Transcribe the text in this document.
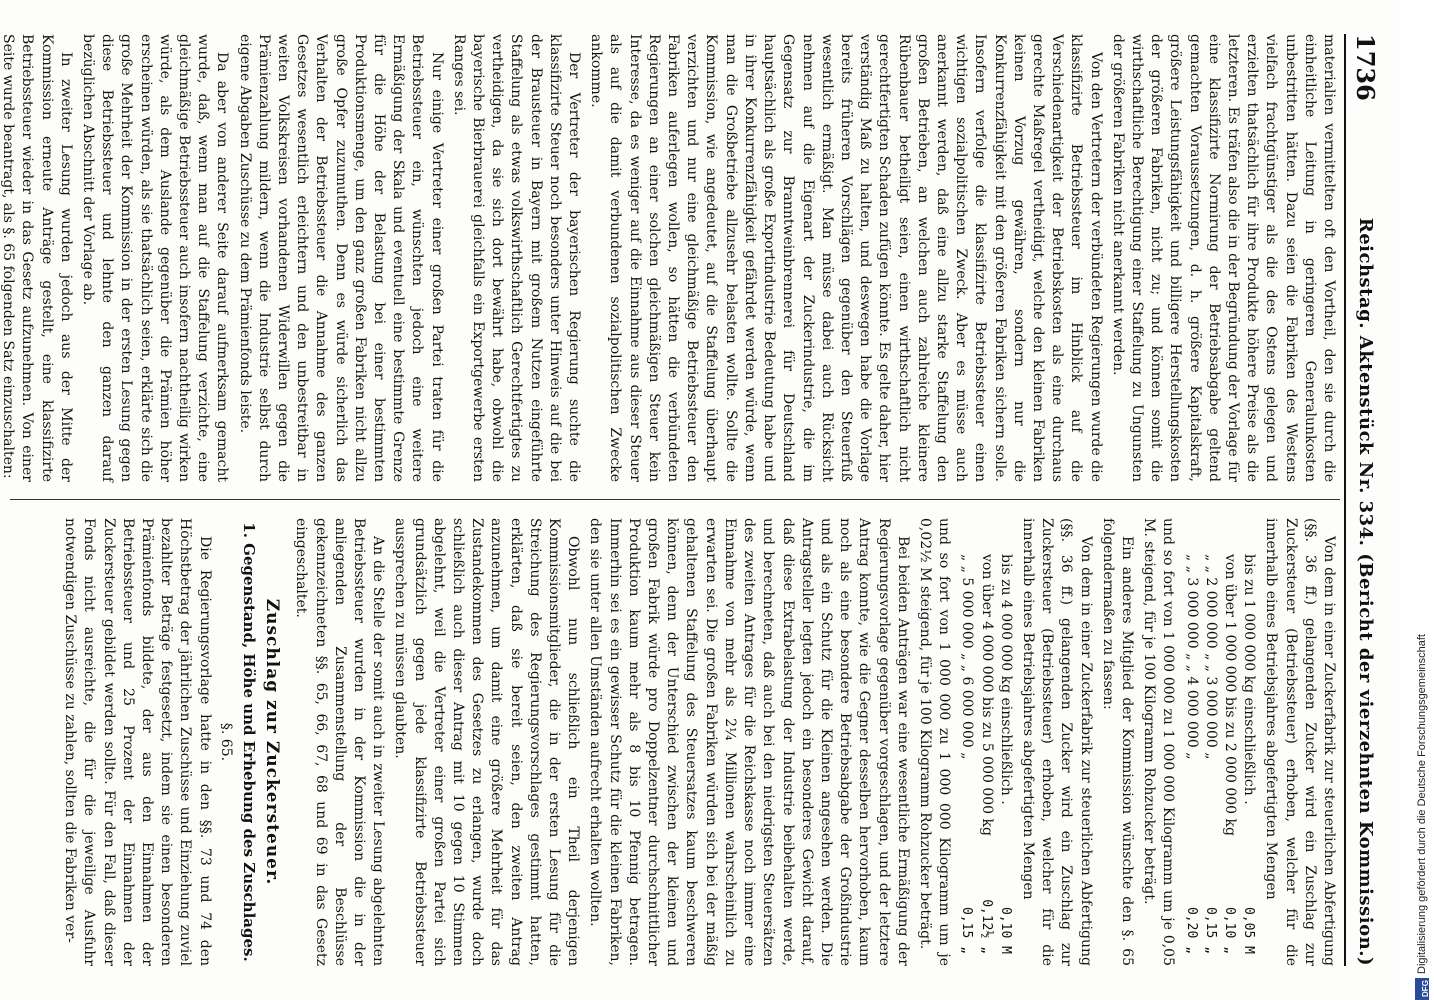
1736
Reichstag. Aktenstück Nr. 334. (Bericht der vierzehnten Kommission.)

materialien vermittelten oft den Vortheil, den sie durch die einheitliche Leitung in geringeren Generalunkosten unbestritten hätten. Dazu seien die Fabriken des Westens vielfach frachtgünstiger als die des Ostens gelegen und erzielten thatsächlich für ihre Produkte höhere Preise als die letzteren. Es träfen also die in der Begründung der Vorlage für eine klassifizirte Normirung der Betriebsabgabe geltend gemachten Voraussetzungen, d. h. größere Kapitalskraft, größere Leistungsfähigkeit und billigere Herstellungskosten der größeren Fabriken, nicht zu; und können somit die wirthschaftliche Berechtigung einer Staffelung zu Ungunsten der größeren Fabriken nicht anerkannt werden.

Von den Vertretern der verbündeten Regierungen wurde die klassifizirte Betriebssteuer im Hinblick auf die Verschiedenartigkeit der Betriebskosten als eine durchaus gerechte Maßregel vertheidigt, welche den kleinen Fabriken keinen Vorzug gewähren, sondern nur die Konkurrenzfähigkeit mit den größeren Fabriken sichern solle. Insofern verfolge die klassifizirte Betriebssteuer einen wichtigen sozialpolitischen Zweck. Aber es müsse auch anerkannt werden, daß eine allzu starke Staffelung den großen Betrieben, an welchen auch zahlreiche kleinere Rübenbauer betheiligt seien, einen wirthschaftlich nicht gerechtfertigten Schaden zufügen könnte. Es gelte daher, hier verständig Maß zu halten, und deswegen habe die Vorlage bereits früheren Vorschlägen gegenüber den Steuerfuß wesentlich ermäßigt. Man müsse dabei auch Rücksicht nehmen auf die Eigenart der Zuckerindustrie, die im Gegensatz zur Branntweinbrennerei für Deutschland hauptsächlich als große Exportindustrie Bedeutung habe und in ihrer Konkurrenzfähigkeit gefährdet werden würde, wenn man die Großbetriebe allzusehr belasten wollte. Sollte die Kommission, wie angedeutet, auf die Staffelung überhaupt verzichten und nur eine gleichmäßige Betriebssteuer den Fabriken auferlegen wollen, so hätten die verbündeten Regierungen an einer solchen gleichmäßigen Steuer kein Interesse, da es weniger auf die Einnahme aus dieser Steuer als auf die damit verbundenen sozialpolitischen Zwecke ankomme.

Der Vertreter der bayerischen Regierung suchte die klassifizirte Steuer noch besonders unter Hinweis auf die bei der Brausteuer in Bayern mit großem Nutzen eingeführte Staffelung als etwas volkswirthschaftlich Gerechtfertigtes zu vertheidigen, da sie sich dort bewährt habe, obwohl die bayerische Bierbrauerei gleichfalls ein Exportgewerbe ersten Ranges sei.

Nur einige Vertreter einer großen Partei traten für die Betriebssteuer ein, wünschten jedoch eine weitere Ermäßigung der Skala und eventuell eine bestimmte Grenze für die Höhe der Belastung bei einer bestimmten Produktionsmenge, um den ganz großen Fabriken nicht allzu große Opfer zuzumuthen. Denn es würde sicherlich das Verhalten der Betriebssteuer die Annahme des ganzen Gesetzes wesentlich erleichtern und den unbestreitbar in weiten Volkskreisen vorhandenen Widerwillen gegen die Prämienzahlung mildern, wenn die Industrie selbst durch eigene Abgaben Zuschüsse zu dem Prämienfonds leiste.

Da aber von anderer Seite darauf aufmerksam gemacht wurde, daß, wenn man auf die Staffelung verzichte, eine gleichmäßige Betriebssteuer auch insofern nachtheilig wirken würde, als dem Auslande gegenüber die Prämien höher erscheinen würden, als sie thatsächlich seien, erklärte sich die große Mehrheit der Kommission in der ersten Lesung gegen diese Betriebssteuer und lehnte den ganzen darauf bezüglichen Abschnitt der Vorlage ab.

In zweiter Lesung wurden jedoch aus der Mitte der Kommission erneute Anträge gestellt, eine klassifizirte Betriebssteuer wieder in das Gesetz aufzunehmen. Von einer Seite wurde beantragt, als §. 65 folgenden Satz einzuschalten:

Von dem in einer Zuckerfabrik zur steuerlichen Abfertigung (§§. 36 ff.) gelangenden Zucker wird ein Zuschlag zur Zuckersteuer (Betriebssteuer) erhoben, welcher für die innerhalb eines Betriebsjahres abgefertigten Mengen

bis zu 1 000 000 kg einschließlich .
0,05 M
von über 1 000 000 bis zu 2 000 000 kg
0,10 „
„ „ 2 000 000 „ „ 3 000 000 „
0,15 „
„ „ 3 000 000 „ „ 4 000 000 „
0,20 „

und so fort von 1 000 000 zu 1 000 000 Kilogramm um je 0,05 M. steigend, für je 100 Kilogramm Rohzucker beträgt.

Ein anderes Mitglied der Kommission wünschte den §. 65 folgendermaßen zu fassen:

Von dem in einer Zuckerfabrik zur steuerlichen Abfertigung (§§. 36 ff.) gelangenden Zucker wird ein Zuschlag zur Zuckersteuer (Betriebssteuer) erhoben, welcher für die innerhalb eines Betriebsjahres abgefertigten Mengen

bis zu 4 000 000 kg einschließlich .
0,10 M
von über 4 000 000 bis zu 5 000 000 kg
0,12½ „
„ „ 5 000 000 „ „ 6 000 000 „
0,15 „

und so fort von 1 000 000 zu 1 000 000 Kilogramm um je 0,02½ M steigend, für je 100 Kilogramm Rohzucker beträgt.

Bei beiden Anträgen war eine wesentliche Ermäßigung der Regierungsvorlage gegenüber vorgeschlagen, und der letztere Antrag konnte, wie die Gegner desselben hervorhoben, kaum noch als eine besondere Betriebsabgabe der Großindustrie und als ein Schutz für die Kleinen angesehen werden. Die Antragsteller legten jedoch ein besonderes Gewicht darauf, daß diese Extrabelastung der Industrie beibehalten werde, und berechneten, daß auch bei den niedrigsten Steuersätzen des zweiten Antrages für die Reichskasse noch immer eine Einnahme von mehr als 2¼ Millionen wahrscheinlich zu erwarten sei. Die großen Fabriken würden sich bei der mäßig gehaltenen Staffelung des Steuersatzes kaum beschweren können, denn der Unterschied zwischen der kleinen und großen Fabrik würde pro Doppelzentner durchschnittlicher Produktion kaum mehr als 8 bis 10 Pfennig betragen. Immerhin sei es ein gewisser Schutz für die kleinen Fabriken, den sie unter allen Umständen aufrecht erhalten wollten.

Obwohl nun schließlich ein Theil derjenigen Kommissionsmitglieder, die in der ersten Lesung für die Streichung des Regierungsvorschlages gestimmt hatten, erklärten, daß sie bereit seien, den zweiten Antrag anzunehmen, um damit eine größere Mehrheit für das Zustandekommen des Gesetzes zu erlangen, wurde doch schließlich auch dieser Antrag mit 10 gegen 10 Stimmen abgelehnt, weil die Vertreter einer großen Partei sich grundsätzlich gegen jede klassifizirte Betriebssteuer aussprechen zu müssen glaubten.

An die Stelle der somit auch in zweiter Lesung abgelehnten Betriebssteuer wurden in der Kommission die in der anliegenden Zusammenstellung der Beschlüsse gekennzeichneten §§. 65, 66, 67, 68 und 69 in das Gesetz eingeschaltet.

Zuschlag zur Zuckersteuer.
1. Gegenstand, Höhe und Erhebung des Zuschlages.
§. 65.

Die Regierungsvorlage hatte in den §§. 73 und 74 den Höchstbetrag der jährlichen Zuschüsse und Einziehung zuviel bezahlter Beträge festgesetzt, indem sie einen besonderen Prämienfonds bildete, der aus den Einnahmen der Betriebssteuer und 25 Prozent der Einnahmen der Zuckersteuer gebildet werden sollte. Für den Fall, daß dieser Fonds nicht ausreichte, die für die jeweilige Ausfuhr notwendigen Zuschüsse zu zahlen, sollten die Fabriken ver-

DFG
Digitalisierung gefördert durch die Deutsche Forschungsgemeinschaft
